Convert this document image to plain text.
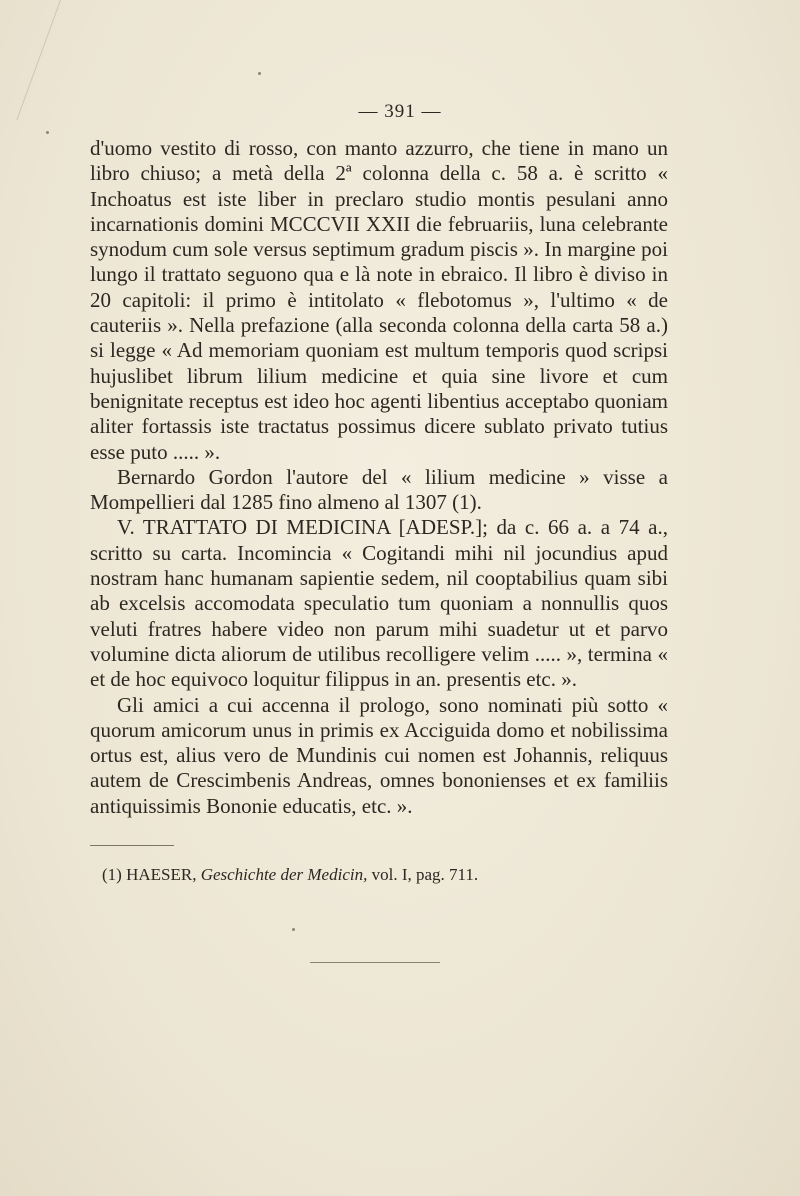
— 391 —

d'uomo vestito di rosso, con manto azzurro, che tiene in mano un libro chiuso; a metà della 2ª colonna della c. 58 a. è scritto « Inchoatus est iste liber in preclaro studio montis pesulani anno incarnationis domini MCCCVII XXII die februariis, luna celebrante synodum cum sole versus septimum gradum piscis ». In margine poi lungo il trattato seguono qua e là note in ebraico. Il libro è diviso in 20 capitoli: il primo è intitolato « flebotomus », l'ultimo « de cauteriis ». Nella prefazione (alla seconda colonna della carta 58 a.) si legge « Ad memoriam quoniam est multum temporis quod scripsi hujuslibet librum lilium medicine et quia sine livore et cum benignitate receptus est ideo hoc agenti libentius acceptabo quoniam aliter fortassis iste tractatus possimus dicere sublato privato tutius esse puto ..... ».

Bernardo Gordon l'autore del « lilium medicine » visse a Mompellieri dal 1285 fino almeno al 1307 (1).

V. TRATTATO DI MEDICINA [ADESP.]; da c. 66 a. a 74 a., scritto su carta. Incomincia « Cogitandi mihi nil jocundius apud nostram hanc humanam sapientie sedem, nil cooptabilius quam sibi ab excelsis accomodata speculatio tum quoniam a nonnullis quos veluti fratres habere video non parum mihi suadetur ut et parvo volumine dicta aliorum de utilibus recolligere velim ..... », termina « et de hoc equivoco loquitur filippus in an. presentis etc. ».

Gli amici a cui accenna il prologo, sono nominati più sotto « quorum amicorum unus in primis ex Acciguida domo et nobilissima ortus est, alius vero de Mundinis cui nomen est Johannis, reliquus autem de Crescimbenis Andreas, omnes bononienses et ex familiis antiquissimis Bononie educatis, etc. ».

(1) HAESER, Geschichte der Medicin, vol. I, pag. 711.
